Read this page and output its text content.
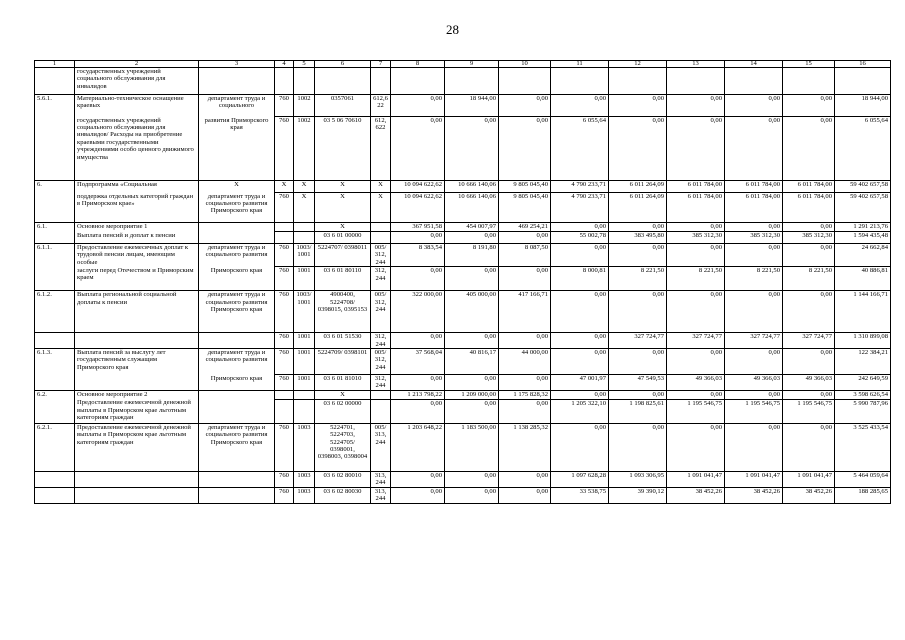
28
1	2	3	4	5	6	7	8	9	10	11	12	13	14	15	16
	государственных учреждений социального обслуживания для инвалидов														
5.6.1.	Материально-техническое оснащение краевых	департамент труда и социального	760	1002	0357061	612,6 22	0,00	18 944,00	0,00	0,00	0,00	0,00	0,00	0,00	18 944,00
	государственных учреждений социального обслуживания для инвалидов/ Расходы на приобретение краевыми государственными учреждениями особо ценного движимого имущества	развития Приморского края	760	1002	03 5 06 70610	612, 622	0,00	0,00	0,00	6 055,64	0,00	0,00	0,00	0,00	6 055,64
6.	Подпрограмма «Социальная	X	X	X	X	X	10 094 622,62	10 666 140,06	9 805 045,40	4 790 233,71	6 011 264,09	6 011 784,00	6 011 784,00	6 011 784,00	59 402 657,58
	поддержка отдельных категорий граждан в Приморском крае»	департамент труда и социального развития Приморского края	760	X	X	X	10 094 622,62	10 666 140,06	9 805 045,40	4 790 233,71	6 011 264,09	6 011 784,00	6 011 784,00	6 011 784,00	59 402 657,58
6.1.	Основное мероприятие 1				X		367 951,58	454 007,97	469 254,21	0,00	0,00	0,00	0,00	0,00	1 291 213,76
	Выплата пенсий и доплат к пенсии				03 6 01 00000		0,00	0,00	0,00	55 002,78	383 495,80	385 312,30	385 312,30	385 312,30	1 594 435,48
6.1.1.	Предоставление ежемесячных доплат к трудовой пенсии лицам, имеющим особые	департамент труда и социального развития	760	1003/ 1001	5224707/ 0398011	005/ 312, 244	8 383,54	8 191,80	8 087,50	0,00	0,00	0,00	0,00	0,00	24 662,84
	заслуги перед Отечеством и Приморским краем	Приморского края	760	1001	03 6 01 80110	312, 244	0,00	0,00	0,00	8 000,81	8 221,50	8 221,50	8 221,50	8 221,50	40 886,81
6.1.2.	Выплата региональной социальной доплаты к пенсии	департамент труда и социального развития Приморского края	760	1003/ 1001	4900400, 5224708/ 0398015, 0395153	005/ 312, 244	322 000,00	405 000,00	417 166,71	0,00	0,00	0,00	0,00	0,00	1 144 166,71
			760	1001	03 6 01 51530	312, 244	0,00	0,00	0,00	0,00	327 724,77	327 724,77	327 724,77	327 724,77	1 310 899,08
6.1.3.	Выплата пенсий за выслугу лет государственным служащим Приморского края	департамент труда и социального развития	760	1001	5224709/ 0398101	005/ 312, 244	37 568,04	40 816,17	44 000,00	0,00	0,00	0,00	0,00	0,00	122 384,21
		Приморского края	760	1001	03 6 01 81010	312, 244	0,00	0,00	0,00	47 001,97	47 549,53	49 366,03	49 366,03	49 366,03	242 649,59
6.2.	Основное мероприятие 2				X		1 213 798,22	1 209 000,00	1 175 828,32	0,00	0,00	0,00	0,00	0,00	3 598 626,54
	Предоставление ежемесячной денежной выплаты в Приморском крае льготным категориям граждан				03 6 02 00000		0,00	0,00	0,00	1 205 322,10	1 198 825,61	1 195 546,75	1 195 546,75	1 195 546,75	5 990 787,96
6.2.1.	Предоставление ежемесячной денежной выплаты в Приморском крае льготным категориям граждан	департамент труда и социального развития Приморского края	760	1003	5224701, 5224703, 5224705/ 0398001, 0398003, 0398004	005/ 313, 244	1 203 648,22	1 183 500,00	1 138 285,32	0,00	0,00	0,00	0,00	0,00	3 525 433,54
			760	1003	03 6 02 80010	313, 244	0,00	0,00	0,00	1 097 628,28	1 093 306,95	1 091 041,47	1 091 041,47	1 091 041,47	5 464 059,64
			760	1003	03 6 02 80030	313, 244	0,00	0,00	0,00	33 538,75	39 390,12	38 452,26	38 452,26	38 452,26	188 285,65
